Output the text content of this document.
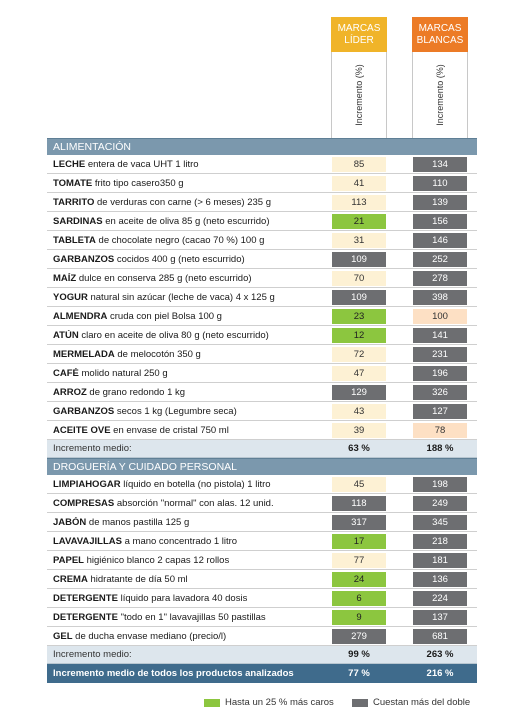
MARCAS
LÍDER
MARCAS
BLANCAS
Incremento (%)	Incremento (%)
ALIMENTACIÓN
LECHE entera de vaca UHT 1 litro	85	134
TOMATE frito tipo casero350 g	41	110
TARRITO de verduras con carne (> 6 meses) 235 g	113	139
SARDINAS en aceite de oliva 85 g (neto escurrido)	21	156
TABLETA de chocolate negro (cacao 70 %) 100 g	31	146
GARBANZOS cocidos 400 g (neto escurrido)	109	252
MAÍZ dulce en conserva 285 g (neto escurrido)	70	278
YOGUR natural sin azúcar (leche de vaca) 4 x 125 g	109	398
ALMENDRA cruda con piel Bolsa 100 g	23	100
ATÚN claro en aceite de oliva 80 g (neto escurrido)	12	141
MERMELADA de melocotón 350 g	72	231
CAFÉ molido natural 250 g	47	196
ARROZ de grano redondo 1 kg	129	326
GARBANZOS secos 1 kg (Legumbre seca)	43	127
ACEITE OVE en envase de cristal 750 ml	39	78
Incremento medio:	63 %	188 %
DROGUERÍA Y CUIDADO PERSONAL
LIMPIAHOGAR líquido en botella (no pistola) 1 litro	45	198
COMPRESAS absorción "normal" con alas. 12 unid.	118	249
JABÓN de manos pastilla 125 g	317	345
LAVAVAJILLAS a mano concentrado 1 litro	17	218
PAPEL higiénico blanco 2 capas 12 rollos	77	181
CREMA hidratante de día 50 ml	24	136
DETERGENTE líquido para lavadora 40 dosis	6	224
DETERGENTE "todo en 1" lavavajillas 50 pastillas	9	137
GEL de ducha envase mediano (precio/l)	279	681
Incremento medio:	99 %	263 %
Incremento medio de todos los productos analizados	77 %	216 %
Hasta un 25 % más caros	Cuestan más del doble
